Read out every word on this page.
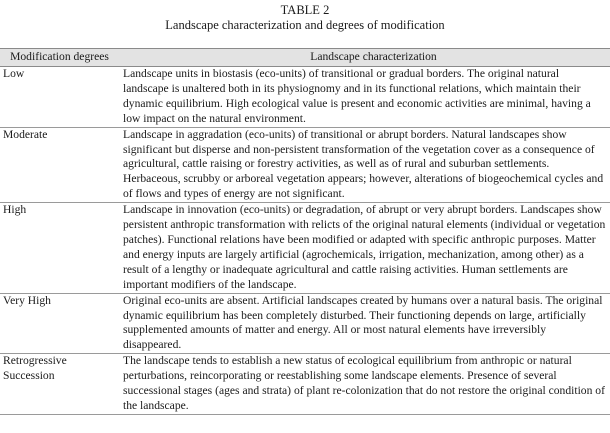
TABLE 2
Landscape characterization and degrees of modification
Modification degrees	Landscape characterization
Low	Landscape units in biostasis (eco-units) of transitional or gradual borders. The original natural landscape is unaltered both in its physiognomy and in its functional relations, which maintain their dynamic equilibrium. High ecological value is present and economic activities are minimal, having a low impact on the natural environment.
Moderate	Landscape in aggradation (eco-units) of transitional or abrupt borders. Natural landscapes show significant but disperse and non-persistent transformation of the vegetation cover as a consequence of agricultural, cattle raising or forestry activities, as well as of rural and suburban settlements. Herbaceous, scrubby or arboreal vegetation appears; however, alterations of biogeochemical cycles and of flows and types of energy are not significant.
High	Landscape in innovation (eco-units) or degradation, of abrupt or very abrupt borders. Landscapes show persistent anthropic transformation with relicts of the original natural elements (individual or vegetation patches). Functional relations have been modified or adapted with specific anthropic purposes. Matter and energy inputs are largely artificial (agrochemicals, irrigation, mechanization, among other) as a result of a lengthy or inadequate agricultural and cattle raising activities. Human settlements are important modifiers of the landscape.
Very High	Original eco-units are absent. Artificial landscapes created by humans over a natural basis. The original dynamic equilibrium has been completely disturbed. Their functioning depends on large, artificially supplemented amounts of matter and energy. All or most natural elements have irreversibly disappeared.
Retrogressive Succession	The landscape tends to establish a new status of ecological equilibrium from anthropic or natural perturbations, reincorporating or reestablishing some landscape elements. Presence of several successional stages (ages and strata) of plant re-colonization that do not restore the original condition of the landscape.
